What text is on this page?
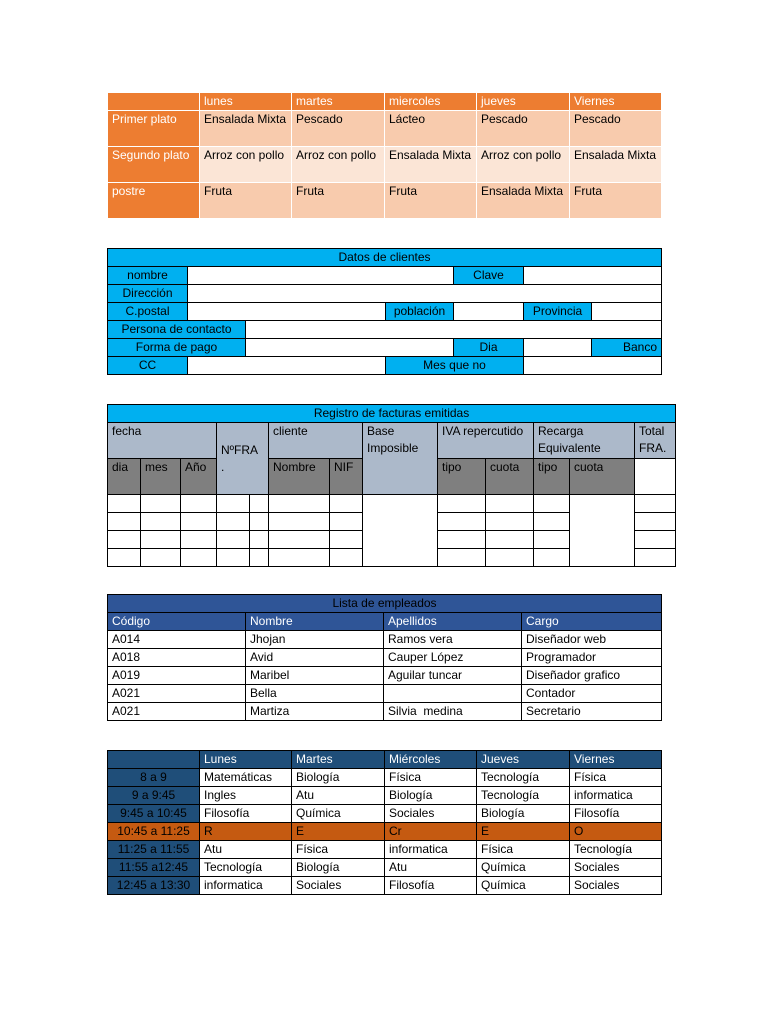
	lunes	martes	miercoles	jueves	Viernes
Primer plato	Ensalada Mixta	Pescado	Lácteo	Pescado	Pescado
Segundo plato	Arroz con pollo	Arroz con pollo	Ensalada Mixta	Arroz con pollo	Ensalada Mixta
postre	Fruta	Fruta	Fruta	Ensalada Mixta	Fruta
Datos de clientes						
nombre				Clave		
Dirección						
C.postal			población		Provincia	
Persona de contacto						
Forma de pago				Dia		Banco
CC			Mes que no			
Registro de facturas emitidas												
fecha			NºFRA .		cliente		Base Imposible	IVA repercutido		Recarga Equivalente		Total FRA.
dia	mes	Año			Nombre	NIF		tipo	cuota	tipo	cuota	

Lista de empleados			
Código	Nombre	Apellidos	Cargo
A014	Jhojan	Ramos vera	Diseñador web
A018	Avid	Cauper López	Programador
A019	Maribel	Aguilar tuncar	Diseñador grafico
A021	Bella		Contador
A021	Martiza	Silvia  medina	Secretario
	Lunes	Martes	Miércoles	Jueves	Viernes
8 a 9	Matemáticas	Biología	Física	Tecnología	Física
9 a 9:45	Ingles	Atu	Biología	Tecnología	informatica
9:45 a 10:45	Filosofía	Química	Sociales	Biología	Filosofía
10:45 a 11:25	R	E	Cr	E	O
11:25 a 11:55	Atu	Física	informatica	Física	Tecnología
11:55 a12:45	Tecnología	Biología	Atu	Química	Sociales
12:45 a 13:30	informatica	Sociales	Filosofía	Química	Sociales
